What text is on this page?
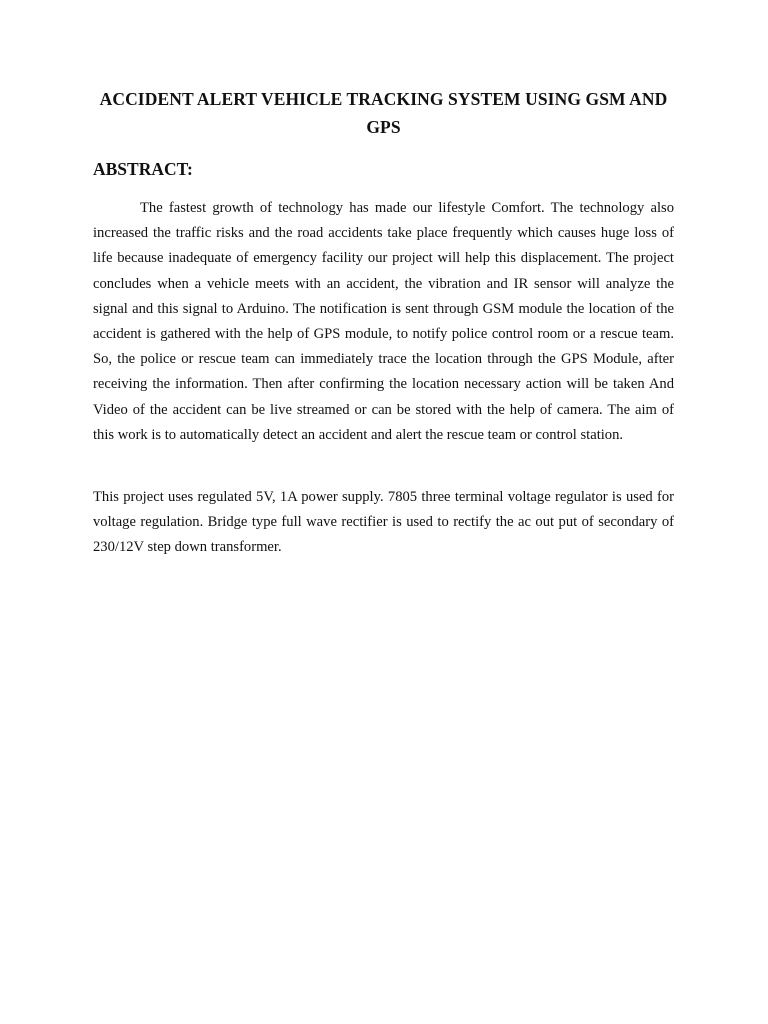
ACCIDENT ALERT VEHICLE TRACKING SYSTEM USING GSM AND GPS
ABSTRACT:

The fastest growth of technology has made our lifestyle Comfort. The technology also increased the traffic risks and the road accidents take place frequently which causes huge loss of life because inadequate of emergency facility our project will help this displacement. The project concludes when a vehicle meets with an accident, the vibration and IR sensor will analyze the signal and this signal to Arduino. The notification is sent through GSM module the location of the accident is gathered with the help of GPS module, to notify police control room or a rescue team. So, the police or rescue team can immediately trace the location through the GPS Module, after receiving the information. Then after confirming the location necessary action will be taken And Video of the accident can be live streamed or can be stored with the help of camera. The aim of this work is to automatically detect an accident and alert the rescue team or control station.

This project uses regulated 5V, 1A power supply. 7805 three terminal voltage regulator is used for voltage regulation. Bridge type full wave rectifier is used to rectify the ac out put of secondary of 230/12V step down transformer.
